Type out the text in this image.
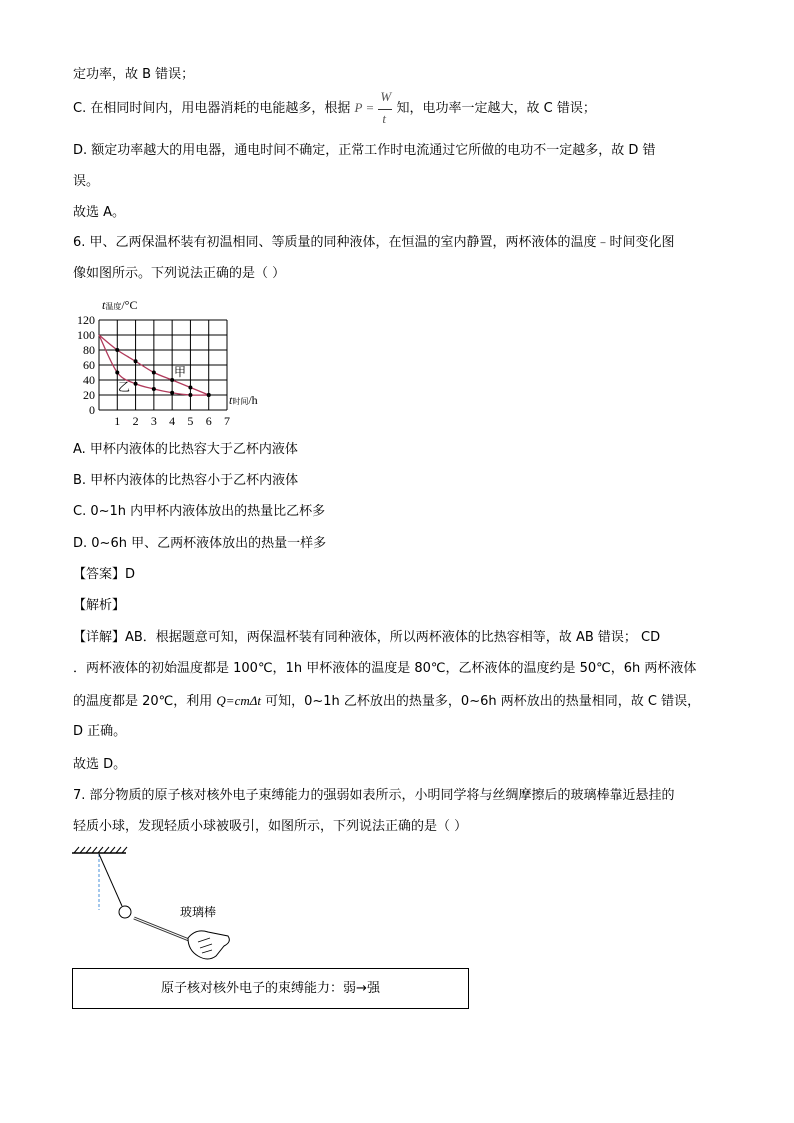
定功率，故 B 错误；
C. 在相同时间内，用电器消耗的电能越多，根据 $P = \frac{W}{t}$ 知，电功率一定越大，故 C 错误；
D. 额定功率越大的用电器，通电时间不确定，正常工作时电流通过它所做的电功不一定越多，故 D 错
误。
故选 A。
6. 甲、乙两保温杯装有初温相同、等质量的同种液体，在恒温的室内静置，两杯液体的温度﹣时间变化图
像如图所示。下列说法正确的是（ ）
0
20
40
60
80
100
120
1 2 3 4 5 6 7
t温度/°C
t时间/h
甲
乙
A. 甲杯内液体的比热容大于乙杯内液体
B. 甲杯内液体的比热容小于乙杯内液体
C. 0~1h 内甲杯内液体放出的热量比乙杯多
D. 0~6h 甲、乙两杯液体放出的热量一样多
【答案】D
【解析】
【详解】AB．根据题意可知，两保温杯装有同种液体，所以两杯液体的比热容相等，故 AB 错误； CD
．两杯液体的初始温度都是 100℃，1h 甲杯液体的温度是 80℃，乙杯液体的温度约是 50℃，6h 两杯液体
的温度都是 20℃，利用 Q=cmΔt 可知，0~1h 乙杯放出的热量多，0~6h 两杯放出的热量相同，故 C 错误，
D 正确。
故选 D。
7. 部分物质的原子核对核外电子束缚能力的强弱如表所示，小明同学将与丝绸摩擦后的玻璃棒靠近悬挂的
轻质小球，发现轻质小球被吸引，如图所示，下列说法正确的是（ ）
玻璃棒
原子核对核外电子的束缚能力：弱→强
